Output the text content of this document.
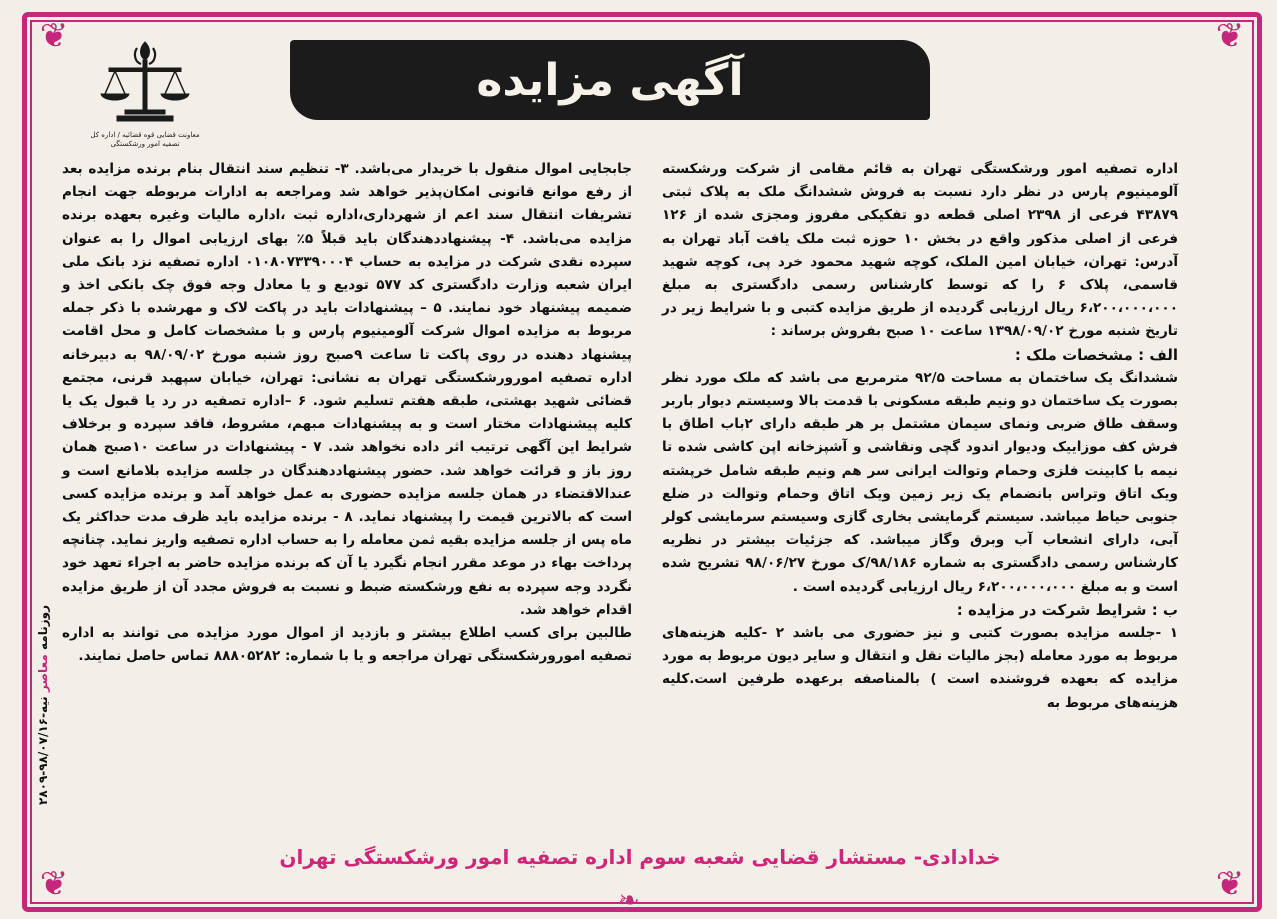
❦	❦
❦	❦
معاونت قضایی قوه قضائیه / اداره کل تصفیه امور ورشکستگی
آگهی مزایده
روزنامه

معاصر

نیه-۹۸/۰۷/۱۶-۲۸۰۹

اداره تصفیه امور ورشکستگی تهران به قائم مقامی از شرکت ورشکسته آلومینیوم پارس در نظر دارد نسبت به فروش ششدانگ ملک به پلاک ثبتی ۴۳۸۷۹ فرعی از ۲۳۹۸ اصلی قطعه دو تفکیکی مفروز ومجزی شده از ۱۲۶ فرعی از اصلی مذکور واقع در بخش ۱۰ حوزه ثبت ملک یافت آباد تهران به آدرس: تهران، خیابان امین الملک، کوچه شهید محمود خرد پی، کوچه شهید قاسمی، پلاک ۶ را که توسط کارشناس رسمی دادگستری به مبلغ ۶،۲۰۰،۰۰۰،۰۰۰ ریال ارزیابی گردیده از طریق مزایده کتبی و با شرایط زیر در تاریخ شنبه مورخ ۱۳۹۸/۰۹/۰۲ ساعت ۱۰ صبح بفروش برساند :

الف : مشخصات ملک :

ششدانگ یک ساختمان به مساحت ۹۲/۵ مترمربع می باشد که ملک مورد نظر بصورت یک ساختمان دو ونیم طبقه مسکونی با قدمت بالا وسیستم دیوار باربر وسقف طاق ضربی ونمای سیمان مشتمل بر هر طبقه دارای ۲باب اطاق با فرش کف موزاییک ودیوار اندود گچی ونقاشی و آشپزخانه اپن کاشی شده تا نیمه با کابینت فلزی وحمام وتوالت ایرانی سر هم ونیم طبقه شامل خرپشته ویک اتاق وتراس بانضمام یک زیر زمین ویک اتاق وحمام وتوالت در ضلع جنوبی حیاط میباشد. سیستم گرمایشی بخاری گازی وسیستم سرمایشی کولر آبی، دارای انشعاب آب وبرق وگاز میباشد. که جزئیات بیشتر در نظریه کارشناس رسمی دادگستری به شماره ۹۸/۱۸۶/ک مورخ ۹۸/۰۶/۲۷ تشریح شده است و به مبلغ ۶،۲۰۰،۰۰۰،۰۰۰ ریال ارزیابی گردیده است .

ب : شرایط شرکت در مزایده :

۱ -جلسه مزایده بصورت کتبی و نیز حضوری می باشد ۲ -کلیه هزینه‌های مربوط به مورد معامله (بجز مالیات نقل و انتقال و سایر دیون مربوط به مورد مزایده که بعهده فروشنده است ) بالمناصفه برعهده طرفین است.کلیه هزینه‌های مربوط به

جابجایی اموال منقول با خریدار می‌باشد. ۳- تنظیم سند انتقال بنام برنده مزایده بعد از رفع موانع قانونی امکان‌پذیر خواهد شد ومراجعه به ادارات مربوطه جهت انجام تشریفات انتقال سند اعم از شهرداری،اداره ثبت ،اداره مالیات وغیره بعهده برنده مزایده می‌باشد. ۴- پیشنهاددهندگان باید قبلاً ۵٪ بهای ارزیابی اموال را به عنوان سپرده نقدی شرکت در مزایده به حساب ۰۱۰۸۰۷۳۳۹۰۰۰۴ اداره تصفیه نزد بانک ملی ایران شعبه وزارت دادگستری کد ۵۷۷ تودیع و یا معادل وجه فوق چک بانکی اخذ و ضمیمه پیشنهاد خود نمایند. ۵ – پیشنهادات باید در پاکت لاک و مهرشده با ذکر جمله مربوط به مزایده اموال شرکت آلومینیوم پارس و با مشخصات کامل و محل اقامت پیشنهاد دهنده در روی پاکت تا ساعت ۹صبح روز شنبه مورخ ۹۸/۰۹/۰۲ به دبیرخانه اداره تصفیه امورورشکستگی تهران به نشانی: تهران، خیابان سپهبد قرنی، مجتمع قضائی شهید بهشتی، طبقه هفتم تسلیم شود. ۶ –اداره تصفیه در رد یا قبول یک یا کلیه پیشنهادات مختار است و به پیشنهادات مبهم، مشروط، فاقد سپرده و برخلاف شرایط این آگهی ترتیب اثر داده نخواهد شد. ۷ - پیشنهادات در ساعت ۱۰صبح همان روز باز و قرائت خواهد شد. حضور پیشنهاددهندگان در جلسه مزایده بلامانع است و عندالاقتضاء در همان جلسه مزایده حضوری به عمل خواهد آمد و برنده مزایده کسی است که بالاترین قیمت را پیشنهاد نماید. ۸ - برنده مزایده باید ظرف مدت حداکثر یک ماه پس از جلسه مزایده بقیه ثمن معامله را به حساب اداره تصفیه واریز نماید. چنانچه پرداخت بهاء در موعد مقرر انجام نگیرد یا آن که برنده مزایده حاضر به اجراء تعهد خود نگردد وجه سپرده به نفع ورشکسته ضبط و نسبت به فروش مجدد آن از طریق مزایده اقدام خواهد شد.

طالبین برای کسب اطلاع بیشتر و بازدید از اموال مورد مزایده می توانند به اداره تصفیه امورورشکستگی تهران مراجعه و یا با شماره: ۸۸۸۰۵۲۸۲ تماس حاصل نمایند.

خدادادی- مستشار قضایی شعبه سوم اداره تصفیه امور ورشکستگی تهران
❧
